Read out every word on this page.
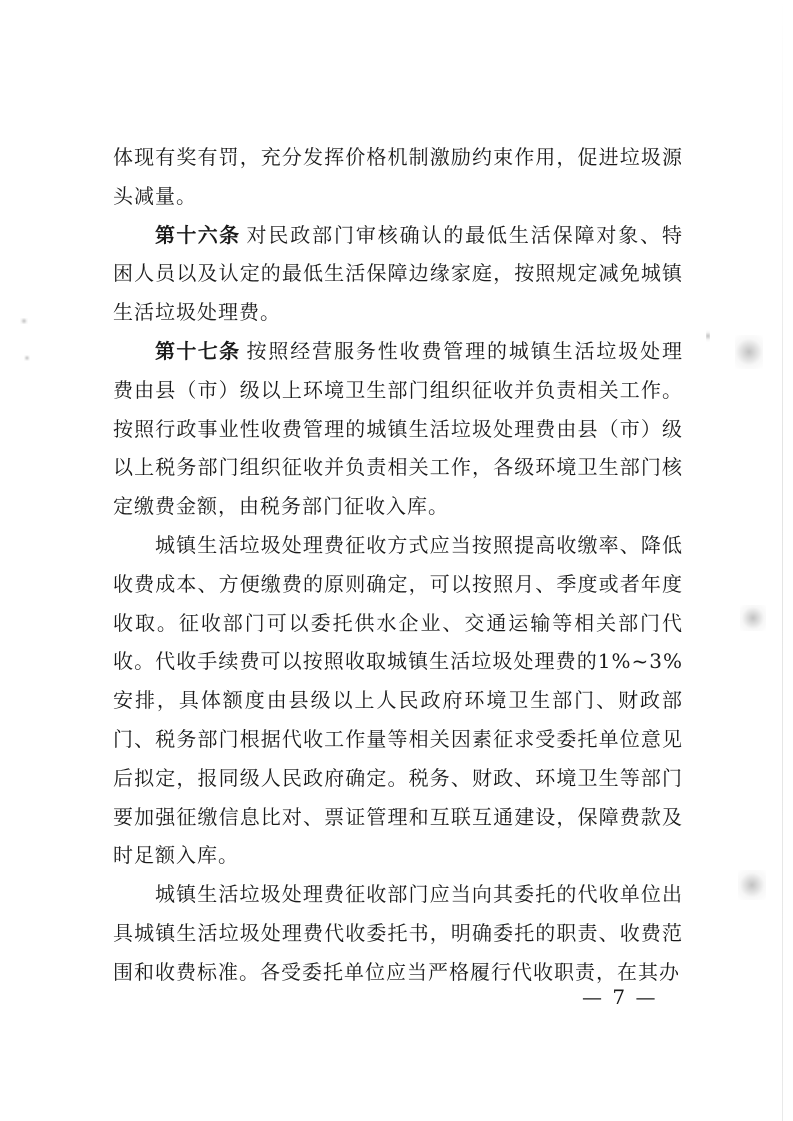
体现有奖有罚，充分发挥价格机制激励约束作用，促进垃圾源头减量。

第十六条 对民政部门审核确认的最低生活保障对象、特困人员以及认定的最低生活保障边缘家庭，按照规定减免城镇生活垃圾处理费。

第十七条 按照经营服务性收费管理的城镇生活垃圾处理费由县（市）级以上环境卫生部门组织征收并负责相关工作。按照行政事业性收费管理的城镇生活垃圾处理费由县（市）级以上税务部门组织征收并负责相关工作，各级环境卫生部门核定缴费金额，由税务部门征收入库。

城镇生活垃圾处理费征收方式应当按照提高收缴率、降低收费成本、方便缴费的原则确定，可以按照月、季度或者年度收取。征收部门可以委托供水企业、交通运输等相关部门代收。代收手续费可以按照收取城镇生活垃圾处理费的1%~3%安排，具体额度由县级以上人民政府环境卫生部门、财政部门、税务部门根据代收工作量等相关因素征求受委托单位意见后拟定，报同级人民政府确定。税务、财政、环境卫生等部门要加强征缴信息比对、票证管理和互联互通建设，保障费款及时足额入库。

城镇生活垃圾处理费征收部门应当向其委托的代收单位出具城镇生活垃圾处理费代收委托书，明确委托的职责、收费范围和收费标准。各受委托单位应当严格履行代收职责，在其办

— 7 —
